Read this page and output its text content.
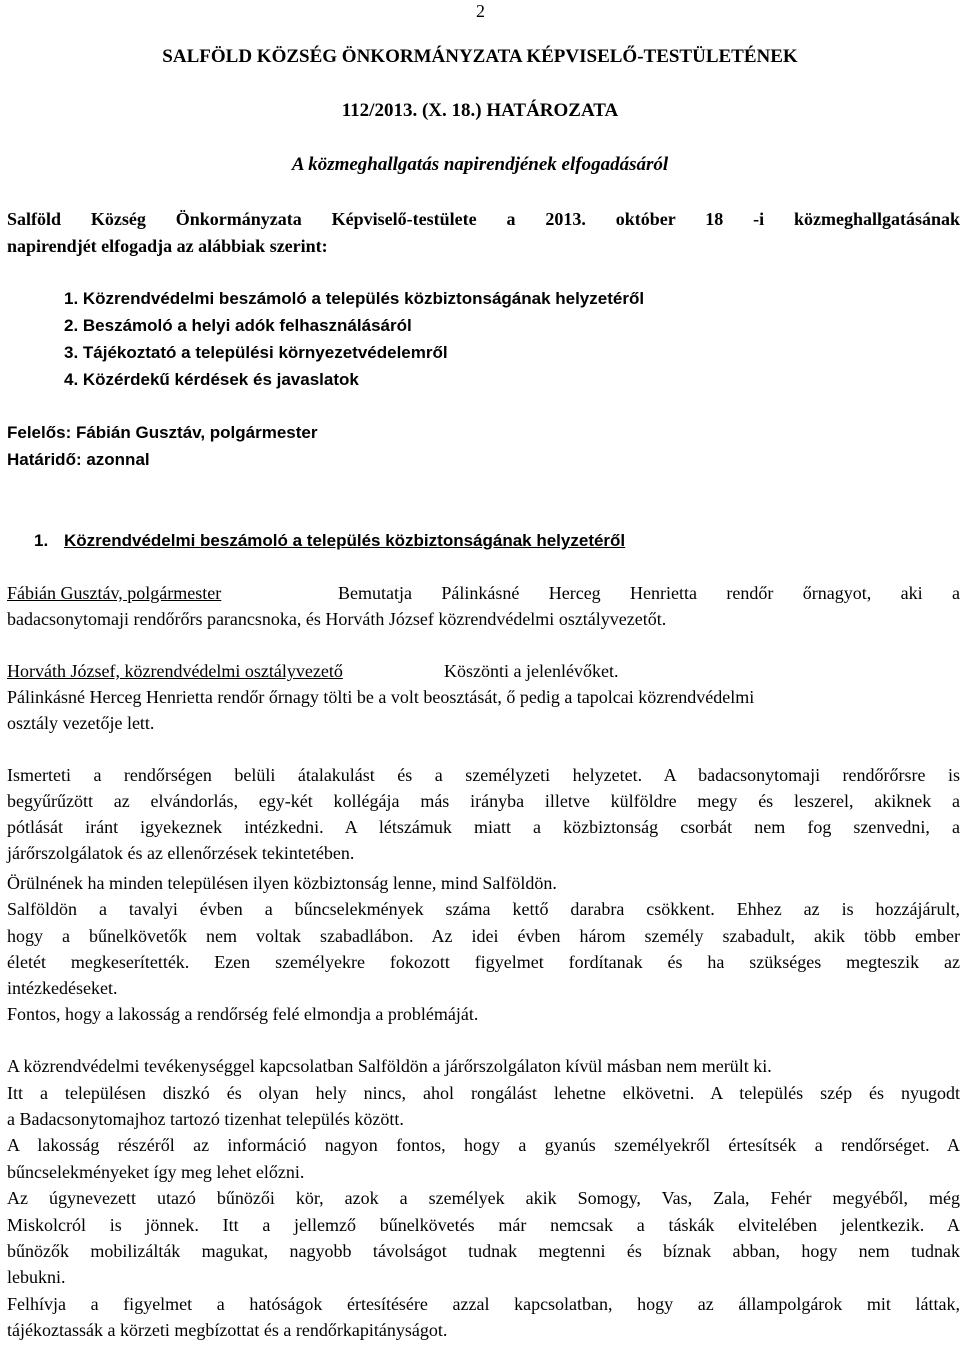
2
SALFÖLD KÖZSÉG ÖNKORMÁNYZATA KÉPVISELŐ-TESTÜLETÉNEK
112/2013. (X. 18.) HATÁROZATA
A közmeghallgatás napirendjének elfogadásáról
Salföld Község Önkormányzata Képviselő-testülete a 2013. október 18 -i közmeghallgatásának
napirendjét elfogadja az alábbiak szerint:
1. Közrendvédelmi beszámoló a település közbiztonságának helyzetéről
2. Beszámoló a helyi adók felhasználásáról
3. Tájékoztató a települési környezetvédelemről
4. Közérdekű kérdések és javaslatok
Felelős: Fábián Gusztáv, polgármester
Határidő: azonnal
1. Közrendvédelmi beszámoló a település közbiztonságának helyzetéről
Fábián Gusztáv, polgármester	Bemutatja Pálinkásné Herceg Henrietta rendőr őrnagyot, aki a
badacsonytomaji rendőrőrs parancsnoka, és Horváth József közrendvédelmi osztályvezetőt.
Horváth József, közrendvédelmi osztályvezető	Köszönti a jelenlévőket.
Pálinkásné Herceg Henrietta rendőr őrnagy tölti be a volt beosztását, ő pedig a tapolcai közrendvédelmi
osztály vezetője lett.
Ismerteti a rendőrségen belüli átalakulást és a személyzeti helyzetet. A badacsonytomaji rendőrőrsre is
begyűrűzött az elvándorlás, egy-két kollégája más irányba illetve külföldre megy és leszerel, akiknek a
pótlását iránt igyekeznek intézkedni. A létszámuk miatt a közbiztonság csorbát nem fog szenvedni, a
járőrszolgálatok és az ellenőrzések tekintetében.
Örülnének ha minden településen ilyen közbiztonság lenne, mind Salföldön.
Salföldön a tavalyi évben a bűncselekmények száma kettő darabra csökkent. Ehhez az is hozzájárult,
hogy a bűnelkövetők nem voltak szabadlábon. Az idei évben három személy szabadult, akik több ember
életét megkeserítették. Ezen személyekre fokozott figyelmet fordítanak és ha szükséges megteszik az
intézkedéseket.
Fontos, hogy a lakosság a rendőrség felé elmondja a problémáját.
A közrendvédelmi tevékenységgel kapcsolatban Salföldön a járőrszolgálaton kívül másban nem merült ki.
Itt a településen diszkó és olyan hely nincs, ahol rongálást lehetne elkövetni. A település szép és nyugodt
a Badacsonytomajhoz tartozó tizenhat település között.
A lakosság részéről az információ nagyon fontos, hogy a gyanús személyekről értesítsék a rendőrséget. A
bűncselekményeket így meg lehet előzni.
Az úgynevezett utazó bűnözői kör, azok a személyek akik Somogy, Vas, Zala, Fehér megyéből, még
Miskolcról is jönnek. Itt a jellemző bűnelkövetés már nemcsak a táskák elvitelében jelentkezik. A
bűnözők mobilizálták magukat, nagyobb távolságot tudnak megtenni és bíznak abban, hogy nem tudnak
lebukni.
Felhívja a figyelmet a hatóságok értesítésére azzal kapcsolatban, hogy az állampolgárok mit láttak,
tájékoztassák a körzeti megbízottat és a rendőrkapitányságot.
